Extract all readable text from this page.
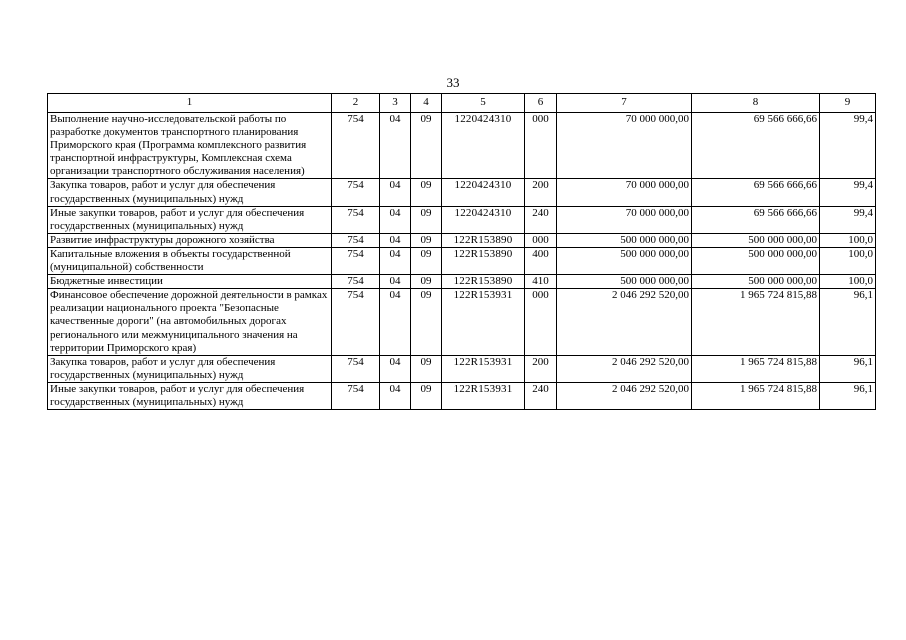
33
1	2	3	4	5	6	7	8	9
Выполнение научно-исследовательской работы по разработке документов транспортного планирования Приморского края (Программа комплексного развития транспортной инфраструктуры, Комплексная схема организации транспортного обслуживания населения)	754	04	09	1220424310	000	70 000 000,00	69 566 666,66	99,4
Закупка товаров, работ и услуг для обеспечения государственных (муниципальных) нужд	754	04	09	1220424310	200	70 000 000,00	69 566 666,66	99,4
Иные закупки товаров, работ и услуг для обеспечения государственных (муниципальных) нужд	754	04	09	1220424310	240	70 000 000,00	69 566 666,66	99,4
Развитие инфраструктуры дорожного хозяйства	754	04	09	122R153890	000	500 000 000,00	500 000 000,00	100,0
Капитальные вложения в объекты государственной (муниципальной) собственности	754	04	09	122R153890	400	500 000 000,00	500 000 000,00	100,0
Бюджетные инвестиции	754	04	09	122R153890	410	500 000 000,00	500 000 000,00	100,0
Финансовое обеспечение дорожной деятельности в рамках реализации национального проекта "Безопасные качественные дороги" (на автомобильных дорогах регионального или межмуниципального значения на территории Приморского края)	754	04	09	122R153931	000	2 046 292 520,00	1 965 724 815,88	96,1
Закупка товаров, работ и услуг для обеспечения государственных (муниципальных) нужд	754	04	09	122R153931	200	2 046 292 520,00	1 965 724 815,88	96,1
Иные закупки товаров, работ и услуг для обеспечения государственных (муниципальных) нужд	754	04	09	122R153931	240	2 046 292 520,00	1 965 724 815,88	96,1
